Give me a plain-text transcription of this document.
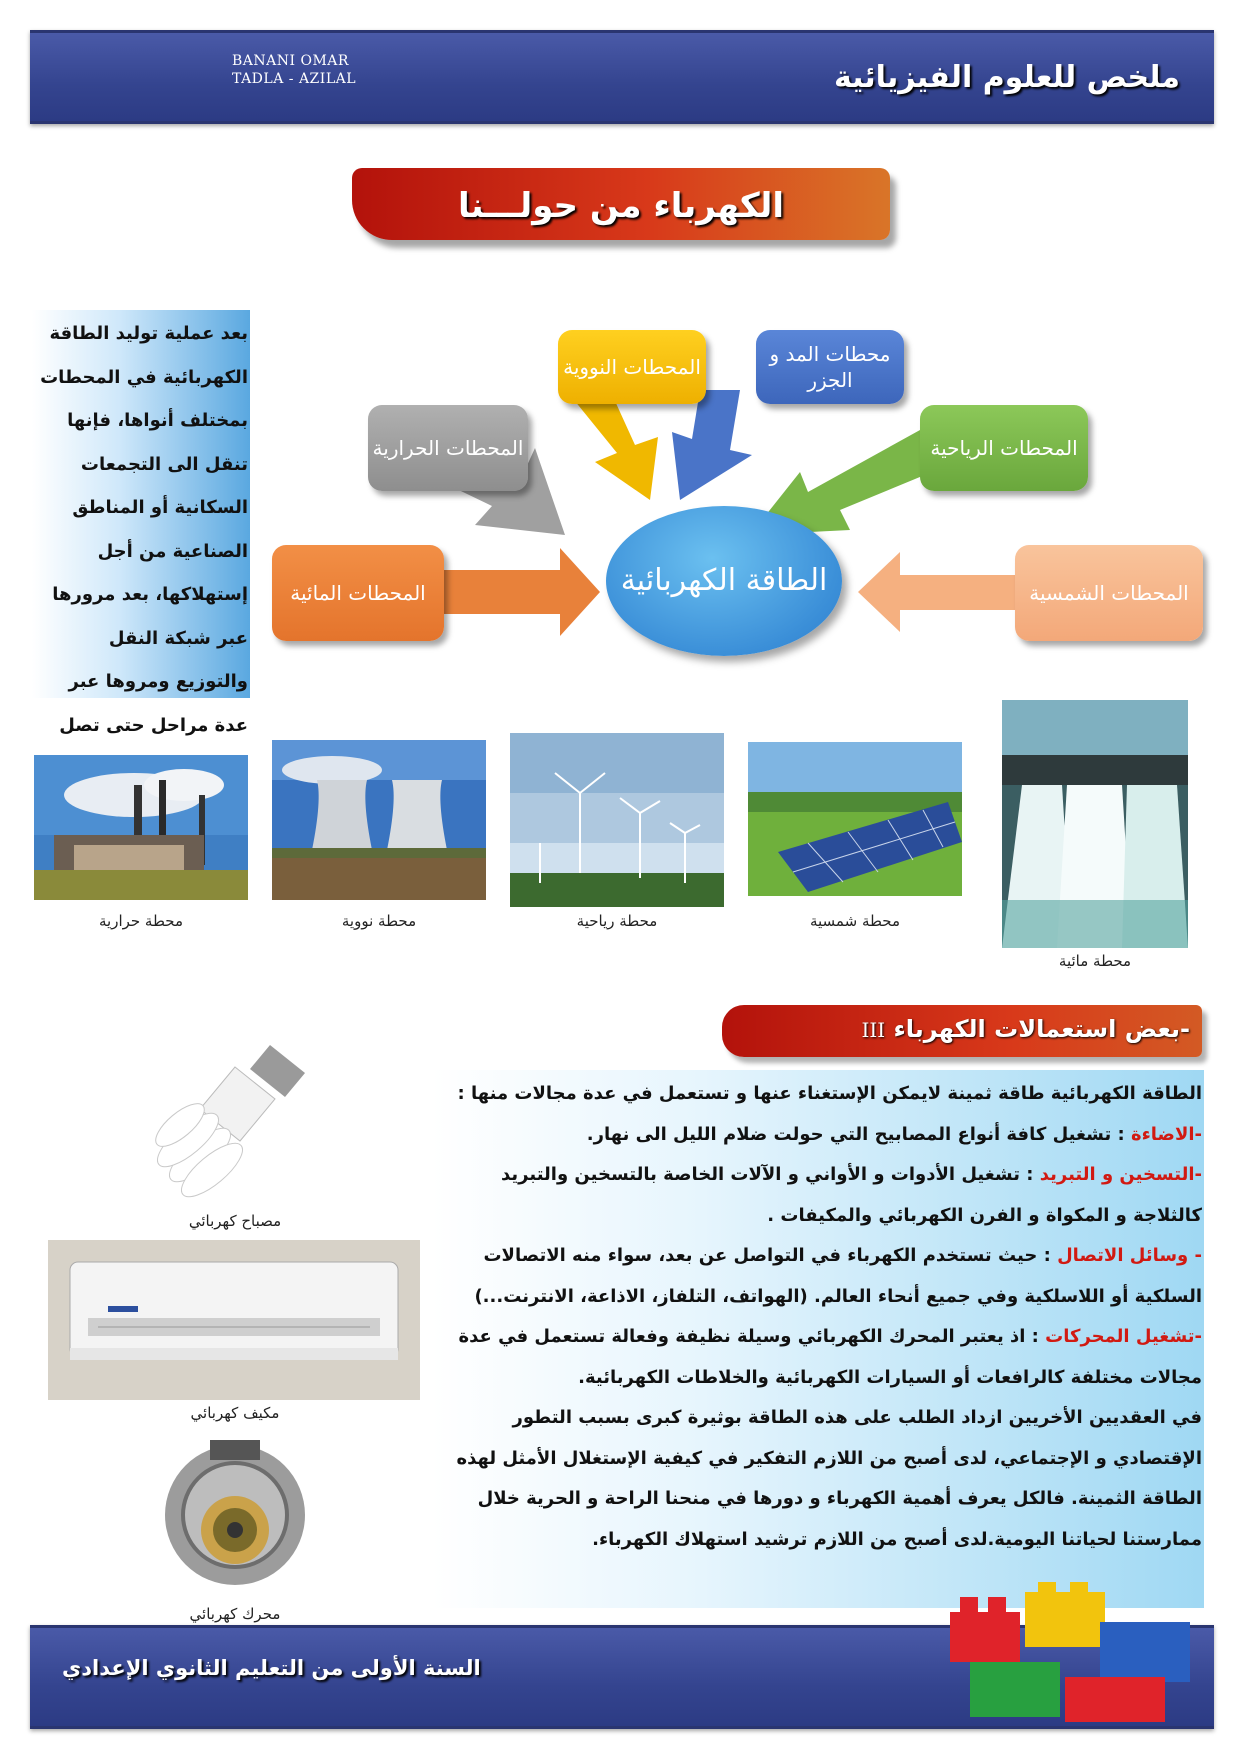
BANANI OMAR
TADLA - AZILAL	ملخص للعلوم الفيزيائية
الكهرباء من حولـــنا
بعد عملية توليد الطاقة الكهربائية في المحطات بمختلف أنواها، فإنها تنقل الى التجمعات السكانية أو المناطق الصناعية من أجل إستهلاكها، بعد مرورها عبر شبكة النقل والتوزيع ومروها عبر عدة مراحل حتى تصل
المحطات المائية
المحطات الحرارية
المحطات النووية
محطات المد و الجزر
المحطات الرياحية
المحطات الشمسية
الطاقة الكهربائية
محطة حرارية	محطة نووية	محطة رياحية	محطة شمسية
محطة مائية
-بعض استعمالات الكهرباء III
مصباح كهربائي
مكيف كهربائي
محرك كهربائي

الطاقة الكهربائية طاقة ثمينة لايمكن الإستغناء عنها و تستعمل في عدة مجالات منها :

-الاضاءة : تشغيل كافة أنواع المصابيح التي حولت ضلام الليل الى نهار.

-التسخين و التبريد : تشغيل الأدوات و الأواني و الآلات الخاصة بالتسخين والتبريد كالثلاجة و المكواة و الفرن الكهربائي والمكيفات .

- وسائل الاتصال : حيث تستخدم الكهرباء في التواصل عن بعد، سواء منه الاتصالات السلكية أو اللاسلكية وفي جميع أنحاء العالم. (الهواتف، التلفاز، الاذاعة، الانترنت...)

-تشغيل المحركات : اذ يعتبر المحرك الكهربائي وسيلة نظيفة وفعالة تستعمل في عدة مجالات مختلفة كالرافعات أو السيارات الكهربائية والخلاطات الكهربائية.

في العقديين الأخريين ازداد الطلب على هذه الطاقة بوثيرة كبرى بسبب التطور الإقتصادي و الإجتماعي، لدى أصبح من اللازم التفكير في كيفية الإستغلال الأمثل لهذه الطاقة الثمينة. فالكل يعرف أهمية الكهرباء و دورها في منحنا الراحة و الحرية خلال ممارستنا لحياتنا اليومية.لدى أصبح من اللازم ترشيد استهلاك الكهرباء.

السنة الأولى من التعليم الثانوي الإعدادي
